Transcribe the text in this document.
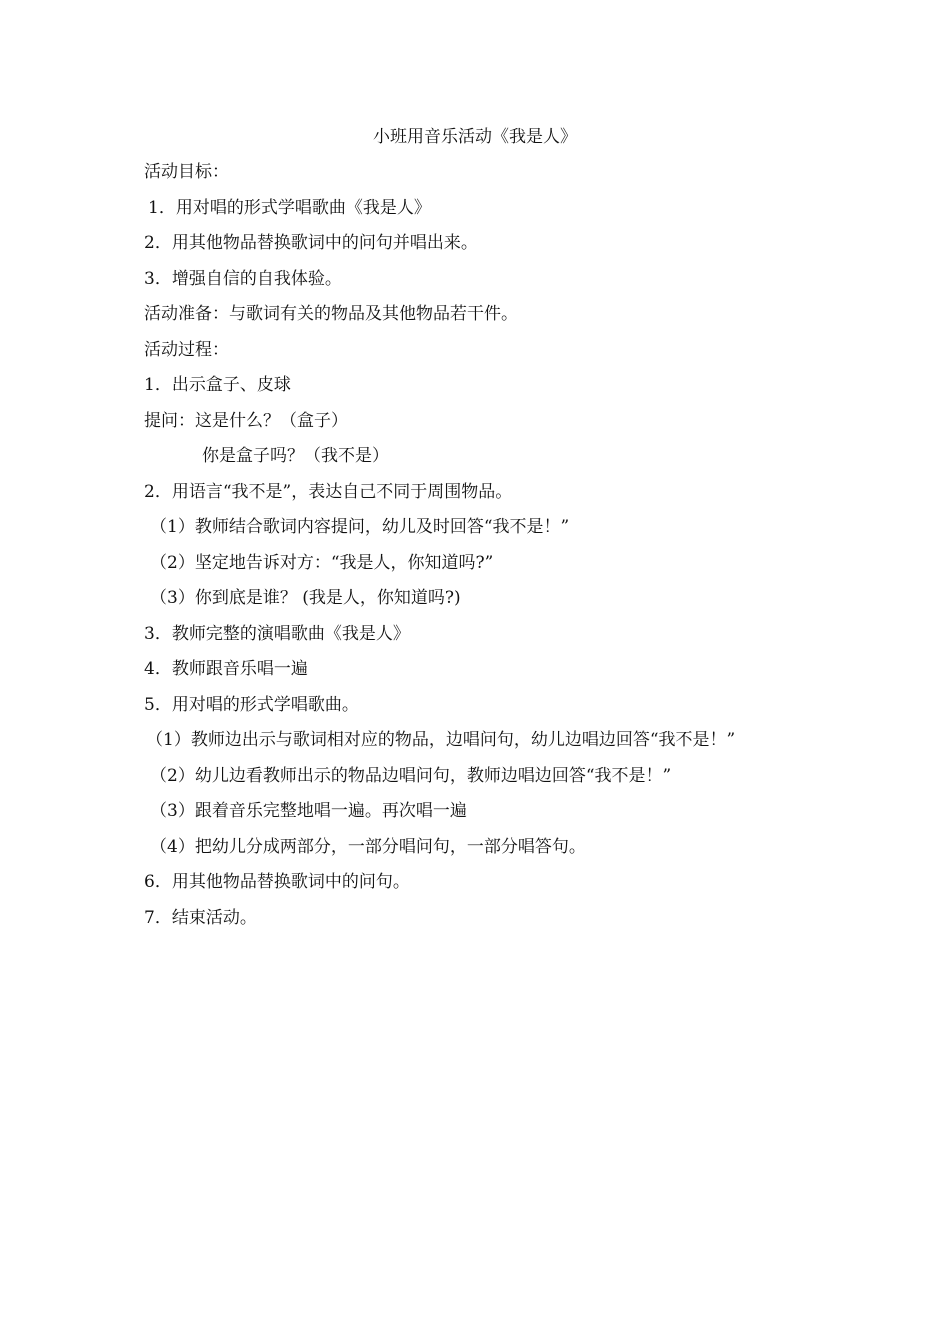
小班用音乐活动《我是人》
活动目标：
1．用对唱的形式学唱歌曲《我是人》
2．用其他物品替换歌词中的问句并唱出来。
3．增强自信的自我体验。
活动准备：与歌词有关的物品及其他物品若干件。
活动过程：
1．出示盒子、皮球
提问：这是什么？（盒子）
你是盒子吗？（我不是）
2．用语言“我不是”，表达自己不同于周围物品。
（1）教师结合歌词内容提问，幼儿及时回答“我不是！”
（2）坚定地告诉对方：“我是人，你知道吗?”
（3）你到底是谁？ (我是人，你知道吗?)
3．教师完整的演唱歌曲《我是人》
4．教师跟音乐唱一遍
5．用对唱的形式学唱歌曲。
（1）教师边出示与歌词相对应的物品，边唱问句，幼儿边唱边回答“我不是！”
（2）幼儿边看教师出示的物品边唱问句，教师边唱边回答“我不是！”
（3）跟着音乐完整地唱一遍。再次唱一遍
（4）把幼儿分成两部分，一部分唱问句，一部分唱答句。
6．用其他物品替换歌词中的问句。
7．结束活动。
